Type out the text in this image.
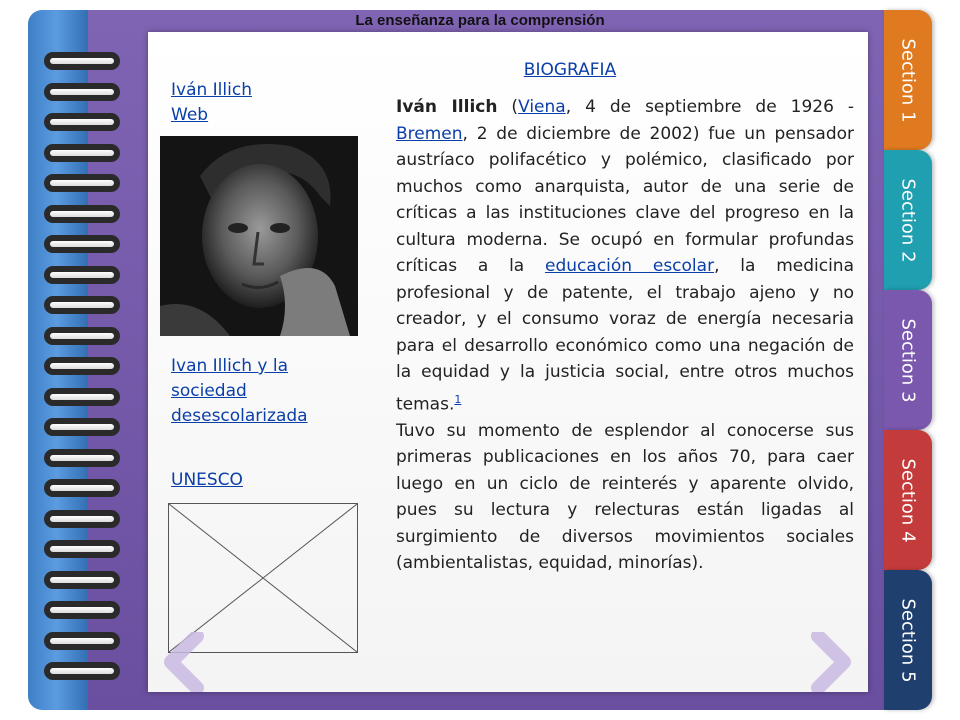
Section 1
Section 2
Section 3
Section 4
Section 5
La enseñanza para la comprensión
Iván Illich
Web
Ivan Illich y la
sociedad
desescolarizada
UNESCO
BIOGRAFIA

Iván Illich (Viena, 4 de septiembre de 1926 - Bremen, 2 de diciembre de 2002) fue un pensador austríaco polifacético y polémico, clasificado por muchos como anarquista, autor de una serie de críticas a las instituciones clave del progreso en la cultura moderna. Se ocupó en formular profundas críticas a la educación escolar, la medicina profesional y de patente, el trabajo ajeno y no creador, y el consumo voraz de energía necesaria para el desarrollo económico como una negación de la equidad y la justicia social, entre otros muchos temas.$^1$
Tuvo su momento de esplendor al conocerse sus primeras publicaciones en los años 70, para caer luego en un ciclo de reinterés y aparente olvido, pues su lectura y relecturas están ligadas al surgimiento de diversos movimientos sociales (ambientalistas, equidad, minorías).
